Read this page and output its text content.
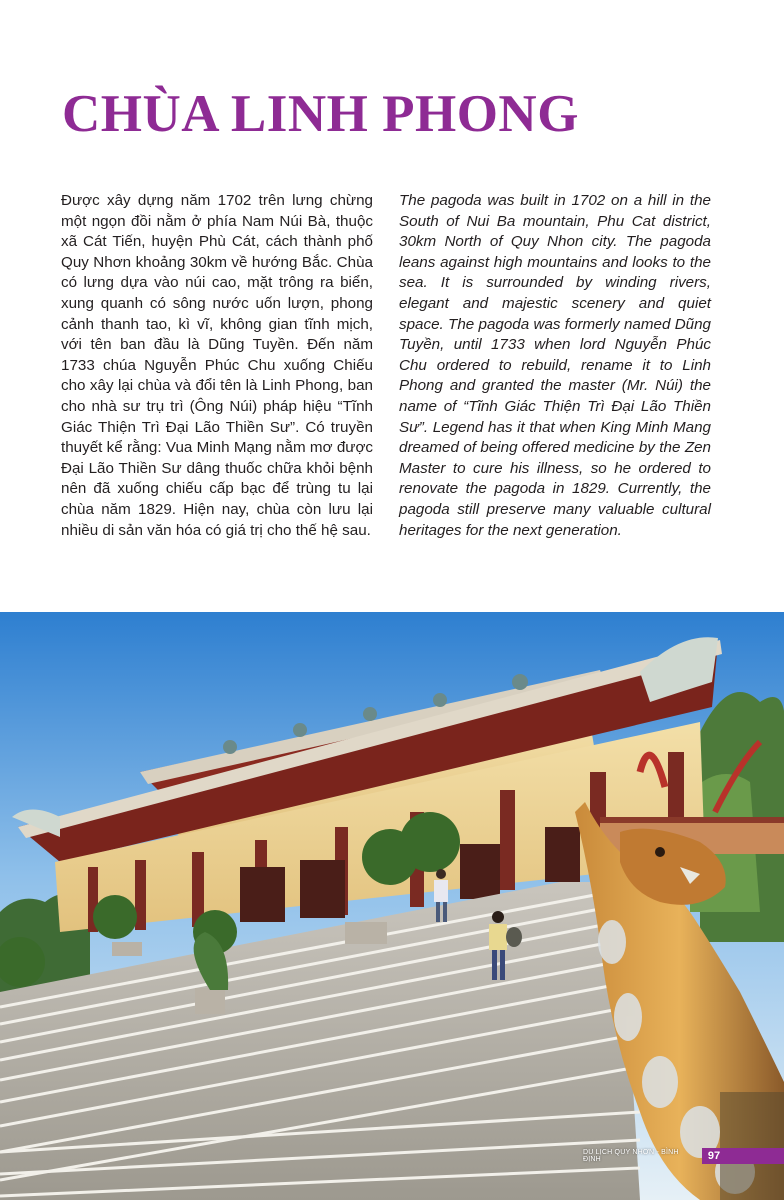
CHÙA LINH PHONG

Được xây dựng năm 1702 trên lưng chừng một ngọn đồi nằm ở phía Nam Núi Bà, thuộc xã Cát Tiến, huyện Phù Cát, cách thành phố Quy Nhơn khoảng 30km về hướng Bắc. Chùa có lưng dựa vào núi cao, mặt trông ra biển, xung quanh có sông nước uốn lượn, phong cảnh thanh tao, kì vĩ, không gian tĩnh mịch, với tên ban đầu là Dũng Tuyền. Đến năm 1733 chúa Nguyễn Phúc Chu xuống Chiếu cho xây lại chùa và đổi tên là Linh Phong, ban cho nhà sư trụ trì (Ông Núi) pháp hiệu “Tĩnh Giác Thiện Trì Đại Lão Thiền Sư”. Có truyền thuyết kể rằng: Vua Minh Mạng nằm mơ được Đại Lão Thiền Sư dâng thuốc chữa khỏi bệnh nên đã xuống chiếu cấp bạc để trùng tu lại chùa năm 1829. Hiện nay, chùa còn lưu lại nhiều di sản văn hóa có giá trị cho thế hệ sau.

The pagoda was built in 1702 on a hill in the South of Nui Ba mountain, Phu Cat district, 30km North of Quy Nhon city. The pagoda leans against high mountains and looks to the sea. It is surrounded by winding rivers, elegant and majestic scenery and quiet space. The pagoda was formerly named Dũng Tuyền, until 1733 when lord Nguyễn Phúc Chu ordered to rebuild, rename it to Linh Phong and granted the master (Mr. Núi) the name of “Tĩnh Giác Thiện Trì Đại Lão Thiền Sư”. Legend has it that when King Minh Mang dreamed of being offered medicine by the Zen Master to cure his illness, so he ordered to renovate the pagoda in 1829. Currently, the pagoda still preserve many valuable cultural heritages for the next generation.

DU LỊCH QUY NHƠN - BÌNH ĐỊNH	97
